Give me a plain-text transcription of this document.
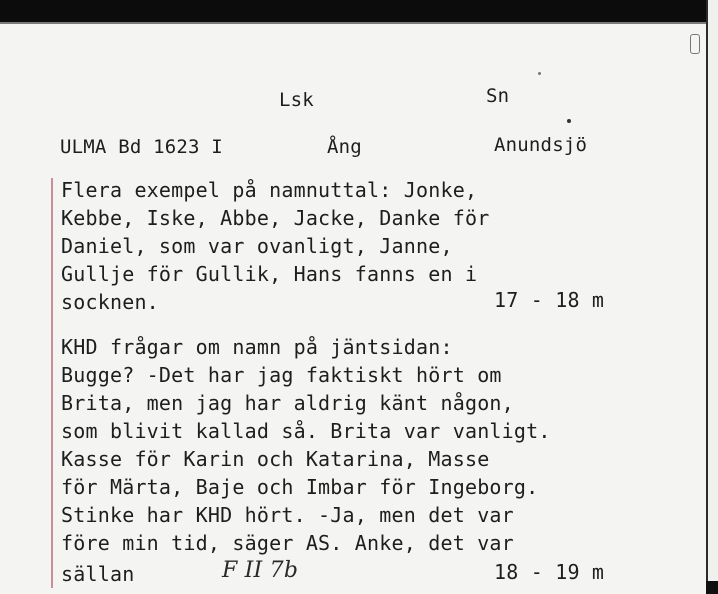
Lsk	Sn
ULMA Bd 1623 I	Ång	Anundsjö
Flera exempel på namnuttal: Jonke,
Kebbe, Iske, Abbe, Jacke, Danke för
Daniel, som var ovanligt, Janne,
Gullje för Gullik, Hans fanns en i
socknen.	17 - 18 m
KHD frågar om namn på jäntsidan:
Bugge? -Det har jag faktiskt hört om
Brita, men jag har aldrig känt någon,
som blivit kallad så. Brita var vanligt.
Kasse för Karin och Katarina, Masse
för Märta, Baje och Imbar för Ingeborg.
Stinke har KHD hört. -Ja, men det var
före min tid, säger AS. Anke, det var
sällan	F II 7b	18 - 19 m
